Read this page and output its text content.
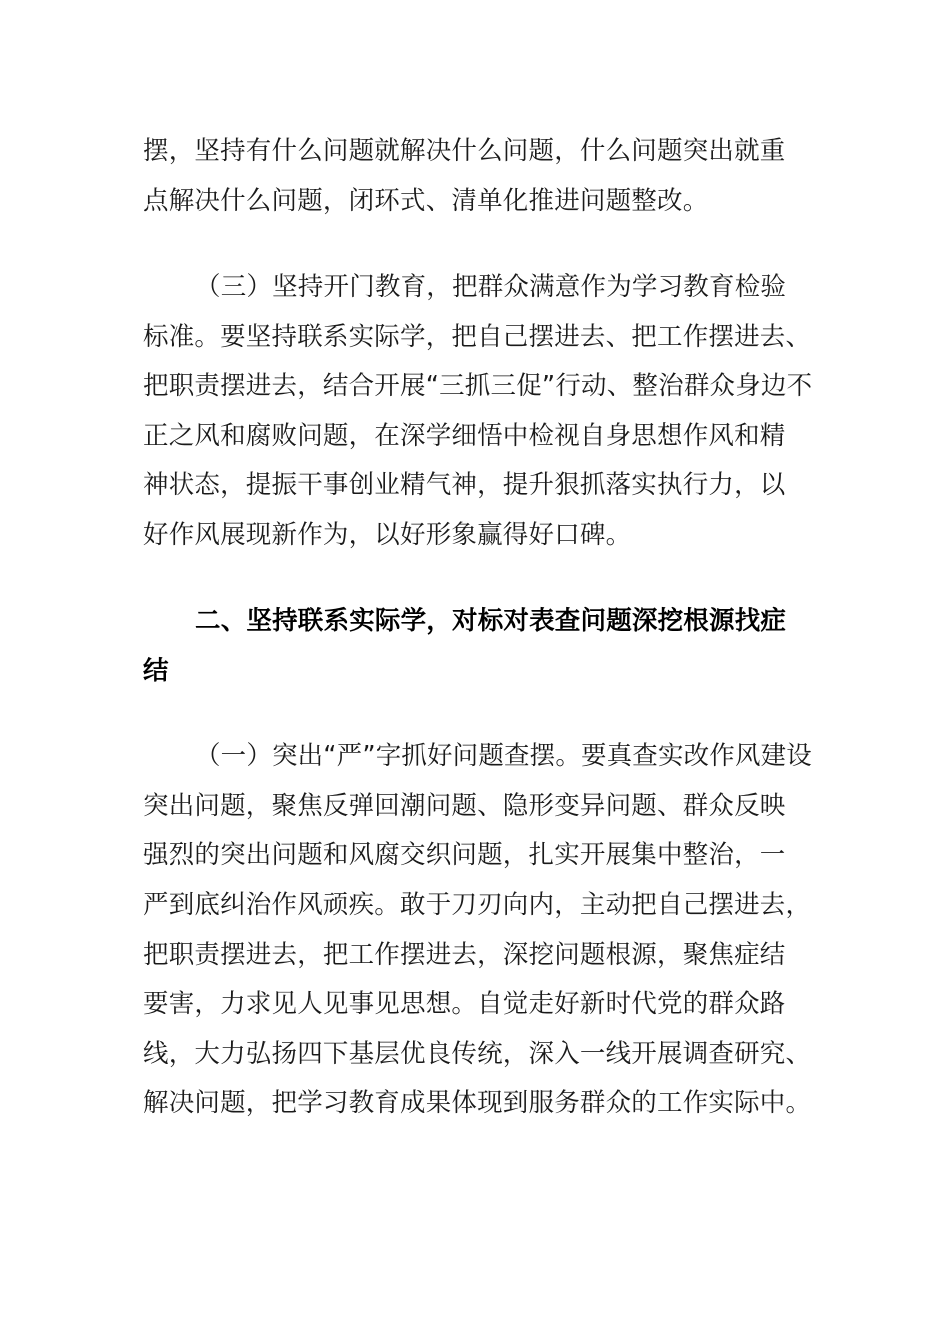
摆，坚持有什么问题就解决什么问题，什么问题突出就重
点解决什么问题，闭环式、清单化推进问题整改。
（三）坚持开门教育，把群众满意作为学习教育检验
标准。要坚持联系实际学，把自己摆进去、把工作摆进去、
把职责摆进去，结合开展“三抓三促”行动、整治群众身边不
正之风和腐败问题，在深学细悟中检视自身思想作风和精
神状态，提振干事创业精气神，提升狠抓落实执行力，以
好作风展现新作为，以好形象赢得好口碑。
二、坚持联系实际学，对标对表查问题深挖根源找症
结
（一）突出“严”字抓好问题查摆。要真查实改作风建设
突出问题，聚焦反弹回潮问题、隐形变异问题、群众反映
强烈的突出问题和风腐交织问题，扎实开展集中整治，一
严到底纠治作风顽疾。敢于刀刃向内，主动把自己摆进去，
把职责摆进去，把工作摆进去，深挖问题根源，聚焦症结
要害，力求见人见事见思想。自觉走好新时代党的群众路
线，大力弘扬四下基层优良传统，深入一线开展调查研究、
解决问题，把学习教育成果体现到服务群众的工作实际中。
